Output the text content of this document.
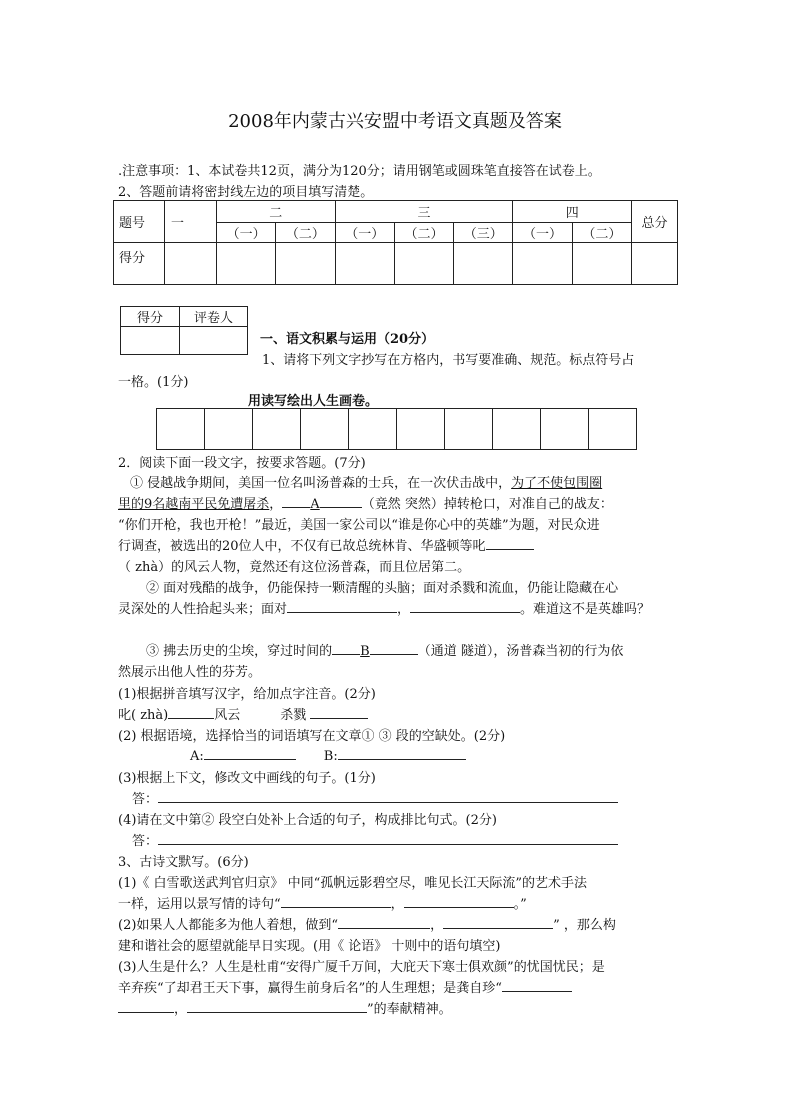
2008年内蒙古兴安盟中考语文真题及答案
.注意事项：1、本试卷共12页，满分为120分；请用钢笔或圆珠笔直接答在试卷上。
2、答题前请将密封线左边的项目填写清楚。
题号	一	二		三			四		总分
		（一）	（二）	（一）	（二）	（三）	（一）	（二）	
得分									
得分	评卷人

一、语文积累与运用（20分）
1、请将下列文字抄写在方格内，书写要准确、规范。标点符号占
一格。(1分)
用读写绘出人生画卷。
2．阅读下面一段文字，按要求答题。(7分)
① 侵越战争期间，美国一位名叫汤普森的士兵，在一次伏击战中，为了不使包围圈
里的9名越南平民免遭屠杀， A	（竟然 突然）掉转枪口，对准自己的战友：
“你们开枪，我也开枪！”最近，美国一家公司以“谁是你心中的英雄”为题，对民众进
行调查，被选出的20位人中，不仅有已故总统林肯、华盛顿等叱
（ zhà）的风云人物，竟然还有这位汤普森，而且位居第二。
② 面对残酷的战争，仍能保持一颗清醒的头脑；面对杀戮和流血，仍能让隐藏在心
灵深处的人性拾起头来；面对	，	。难道这不是英雄吗？
③ 拂去历史的尘埃，穿过时间的 B	（通道 隧道），汤普森当初的行为依
然展示出他人性的芬芳。
(1)根据拼音填写汉字，给加点字注音。(2分)
叱( zhà)	风云	杀戮
(2) 根据语境，选择恰当的词语填写在文章① ③ 段的空缺处。(2分)
A:	B:
(3)根据上下文，修改文中画线的句子。(1分)
答：
(4)请在文中第② 段空白处补上合适的句子，构成排比句式。(2分)
答：
3、古诗文默写。(6分)
(1)《 白雪歌送武判官归京》 中同“孤帆远影碧空尽，唯见长江天际流”的艺术手法
一样，运用以景写情的诗句“	，	。”
(2)如果人人都能多为他人着想，做到“	，	” ，那么构
建和谐社会的愿望就能早日实现。(用《 论语》 十则中的语句填空)
(3)人生是什么？人生是杜甫“安得广厦千万间，大庇天下寒士俱欢颜”的忧国忧民；是
辛弃疾“了却君王天下事，赢得生前身后名”的人生理想；是龚自珍“
，	”的奉献精神。
